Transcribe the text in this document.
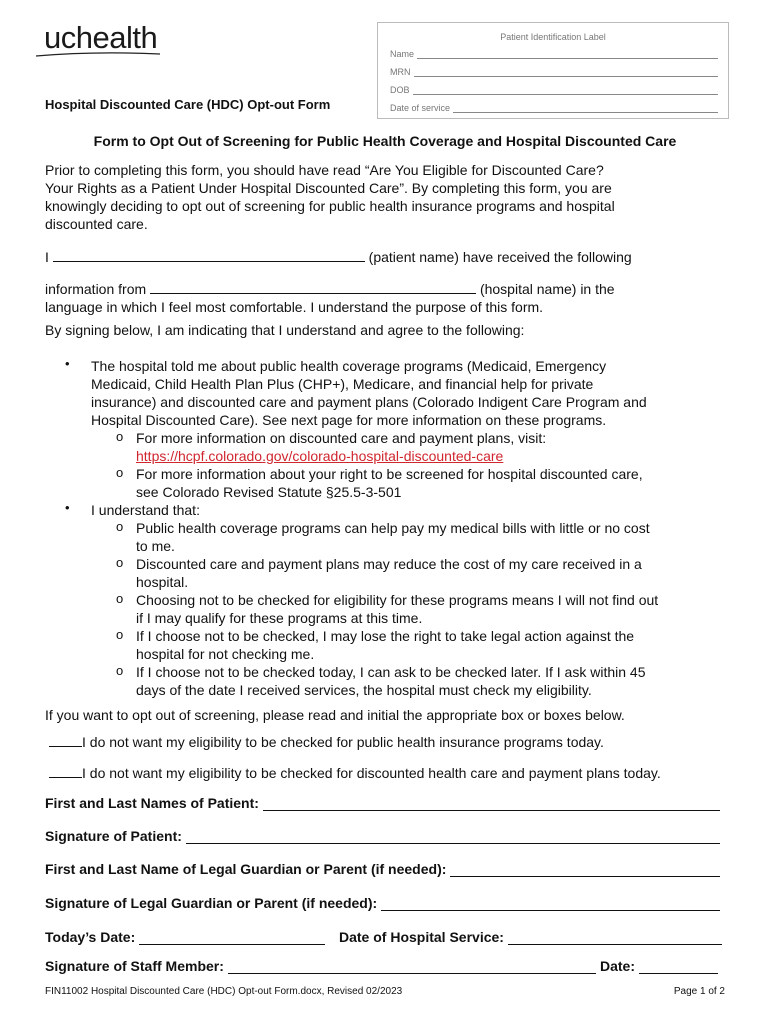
uchealth
Hospital Discounted Care (HDC) Opt-out Form
Patient Identification Label
Name
MRN
DOB
Date of service
Form to Opt Out of Screening for Public Health Coverage and Hospital Discounted Care
Prior to completing this form, you should have read “Are You Eligible for Discounted Care?
Your Rights as a Patient Under Hospital Discounted Care”. By completing this form, you are
knowingly deciding to opt out of screening for public health insurance programs and hospital
discounted care.
I	(patient name) have received the following
information from	(hospital name) in the
language in which I feel most comfortable. I understand the purpose of this form.
By signing below, I am indicating that I understand and agree to the following:
• The hospital told me about public health coverage programs (Medicaid, Emergency
Medicaid, Child Health Plan Plus (CHP+), Medicare, and financial help for private
insurance) and discounted care and payment plans (Colorado Indigent Care Program and
Hospital Discounted Care). See next page for more information on these programs.
o For more information on discounted care and payment plans, visit:
https://hcpf.colorado.gov/colorado-hospital-discounted-care
o For more information about your right to be screened for hospital discounted care,
see Colorado Revised Statute §25.5-3-501
• I understand that:
o Public health coverage programs can help pay my medical bills with little or no cost
to me.
o Discounted care and payment plans may reduce the cost of my care received in a
hospital.
o Choosing not to be checked for eligibility for these programs means I will not find out
if I may qualify for these programs at this time.
o If I choose not to be checked, I may lose the right to take legal action against the
hospital for not checking me.
o If I choose not to be checked today, I can ask to be checked later. If I ask within 45
days of the date I received services, the hospital must check my eligibility.
If you want to opt out of screening, please read and initial the appropriate box or boxes below.
I do not want my eligibility to be checked for public health insurance programs today.
I do not want my eligibility to be checked for discounted health care and payment plans today.
First and Last Names of Patient:
Signature of Patient:
First and Last Name of Legal Guardian or Parent (if needed):
Signature of Legal Guardian or Parent (if needed):
Today’s Date:	Date of Hospital Service:
Signature of Staff Member:	Date:
FIN11002 Hospital Discounted Care (HDC) Opt-out Form.docx, Revised 02/2023	Page 1 of 2
